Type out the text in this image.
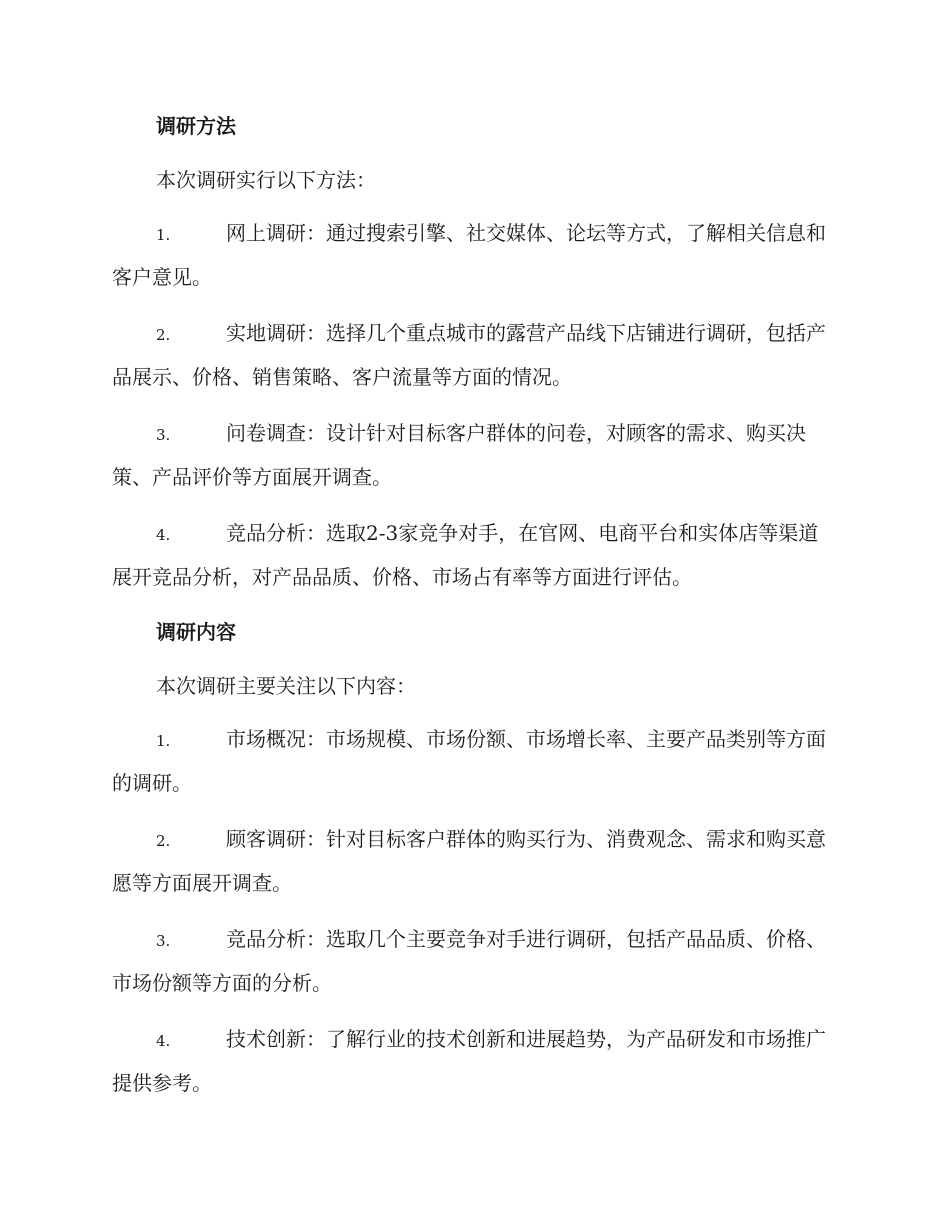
调研方法

本次调研实行以下方法：

1.	网上调研：通过搜索引擎、社交媒体、论坛等方式，了解相关信息和客户意见。
2.	实地调研：选择几个重点城市的露营产品线下店铺进行调研，包括产品展示、价格、销售策略、客户流量等方面的情况。
3.	问卷调查：设计针对目标客户群体的问卷，对顾客的需求、购买决策、产品评价等方面展开调查。
4.	竞品分析：选取2-3家竞争对手，在官网、电商平台和实体店等渠道展开竞品分析，对产品品质、价格、市场占有率等方面进行评估。
调研内容

本次调研主要关注以下内容：

1.	市场概况：市场规模、市场份额、市场增长率、主要产品类别等方面的调研。
2.	顾客调研：针对目标客户群体的购买行为、消费观念、需求和购买意愿等方面展开调查。
3.	竞品分析：选取几个主要竞争对手进行调研，包括产品品质、价格、市场份额等方面的分析。
4.	技术创新：了解行业的技术创新和进展趋势，为产品研发和市场推广提供参考。
